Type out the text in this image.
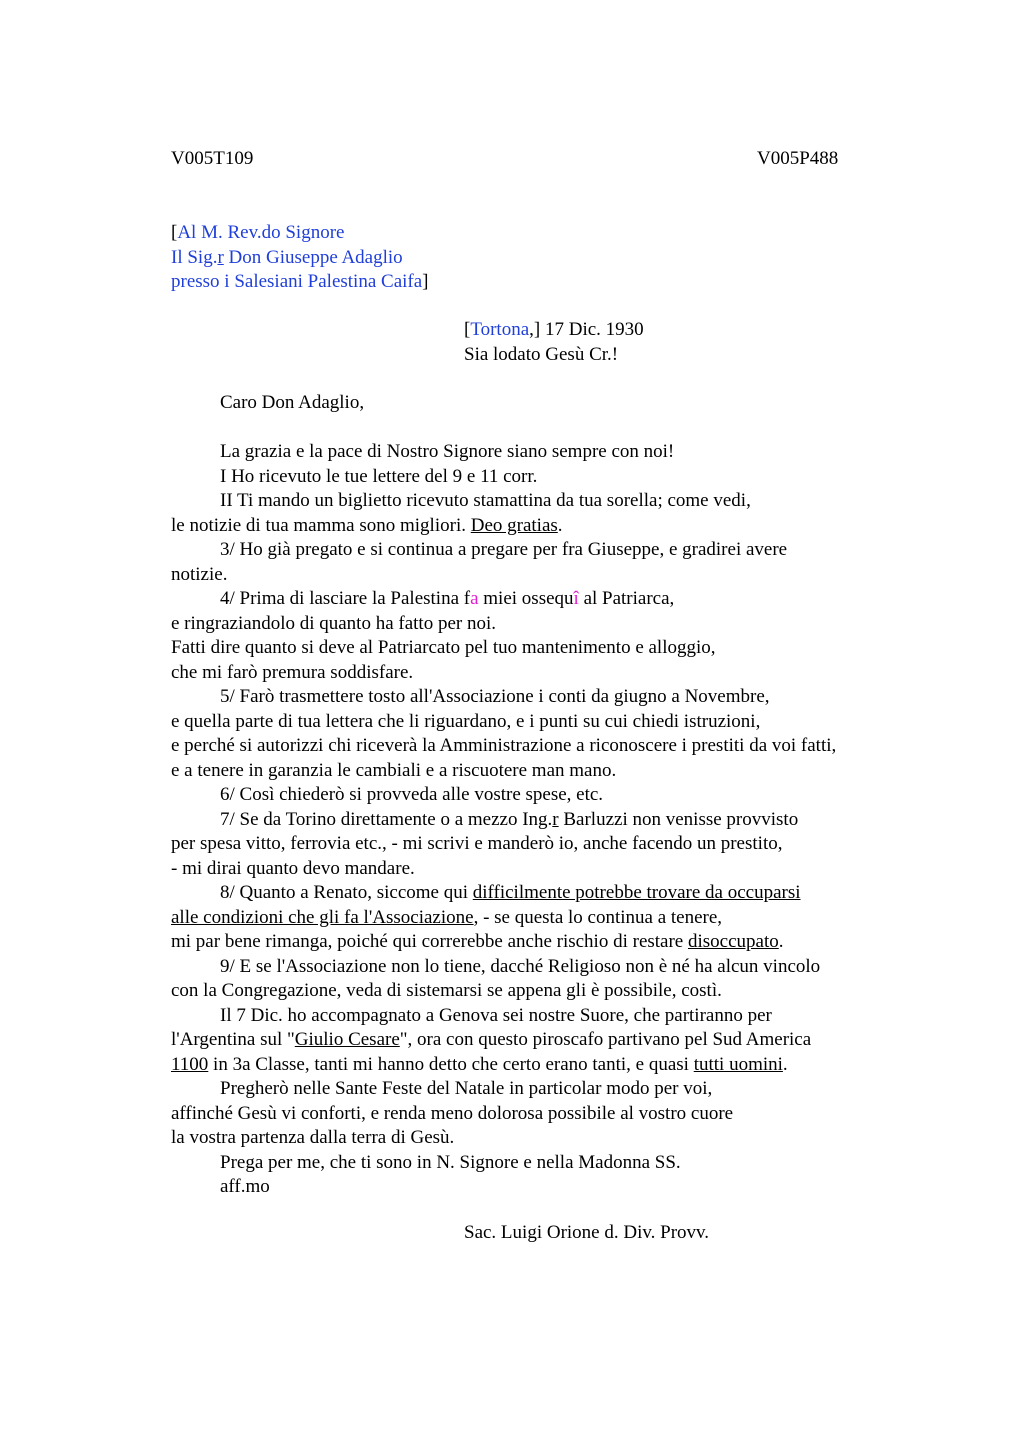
V005T109	V005P488
[Al M. Rev.do Signore
Il Sig.r Don Giuseppe Adaglio
presso i Salesiani Palestina Caifa]
[Tortona,] 17 Dic. 1930
Sia lodato Gesù Cr.!
Caro Don Adaglio,
La grazia e la pace di Nostro Signore siano sempre con noi!
I Ho ricevuto le tue lettere del 9 e 11 corr.
II Ti mando un biglietto ricevuto stamattina da tua sorella; come vedi,
le notizie di tua mamma sono migliori. Deo gratias.
3/ Ho già pregato e si continua a pregare per fra Giuseppe, e gradirei avere
notizie.
4/ Prima di lasciare la Palestina fa miei ossequî al Patriarca,
e ringraziandolo di quanto ha fatto per noi.
Fatti dire quanto si deve al Patriarcato pel tuo mantenimento e alloggio,
che mi farò premura soddisfare.
5/ Farò trasmettere tosto all'Associazione i conti da giugno a Novembre,
e quella parte di tua lettera che li riguardano, e i punti su cui chiedi istruzioni,
e perché si autorizzi chi riceverà la Amministrazione a riconoscere i prestiti da voi fatti,
e a tenere in garanzia le cambiali e a riscuotere man mano.
6/ Così chiederò si provveda alle vostre spese, etc.
7/ Se da Torino direttamente o a mezzo Ing.r Barluzzi non venisse provvisto
per spesa vitto, ferrovia etc., - mi scrivi e manderò io, anche facendo un prestito,
- mi dirai quanto devo mandare.
8/ Quanto a Renato, siccome qui difficilmente potrebbe trovare da occuparsi
alle condizioni che gli fa l'Associazione, - se questa lo continua a tenere,
mi par bene rimanga, poiché qui correrebbe anche rischio di restare disoccupato.
9/ E se l'Associazione non lo tiene, dacché Religioso non è né ha alcun vincolo
con la Congregazione, veda di sistemarsi se appena gli è possibile, costì.
Il 7 Dic. ho accompagnato a Genova sei nostre Suore, che partiranno per
l'Argentina sul "Giulio Cesare", ora con questo piroscafo partivano pel Sud America
1100 in 3a Classe, tanti mi hanno detto che certo erano tanti, e quasi tutti uomini.
Pregherò nelle Sante Feste del Natale in particolar modo per voi,
affinché Gesù vi conforti, e renda meno dolorosa possibile al vostro cuore
la vostra partenza dalla terra di Gesù.
Prega per me, che ti sono in N. Signore e nella Madonna SS.
aff.mo
Sac. Luigi Orione d. Div. Provv.
